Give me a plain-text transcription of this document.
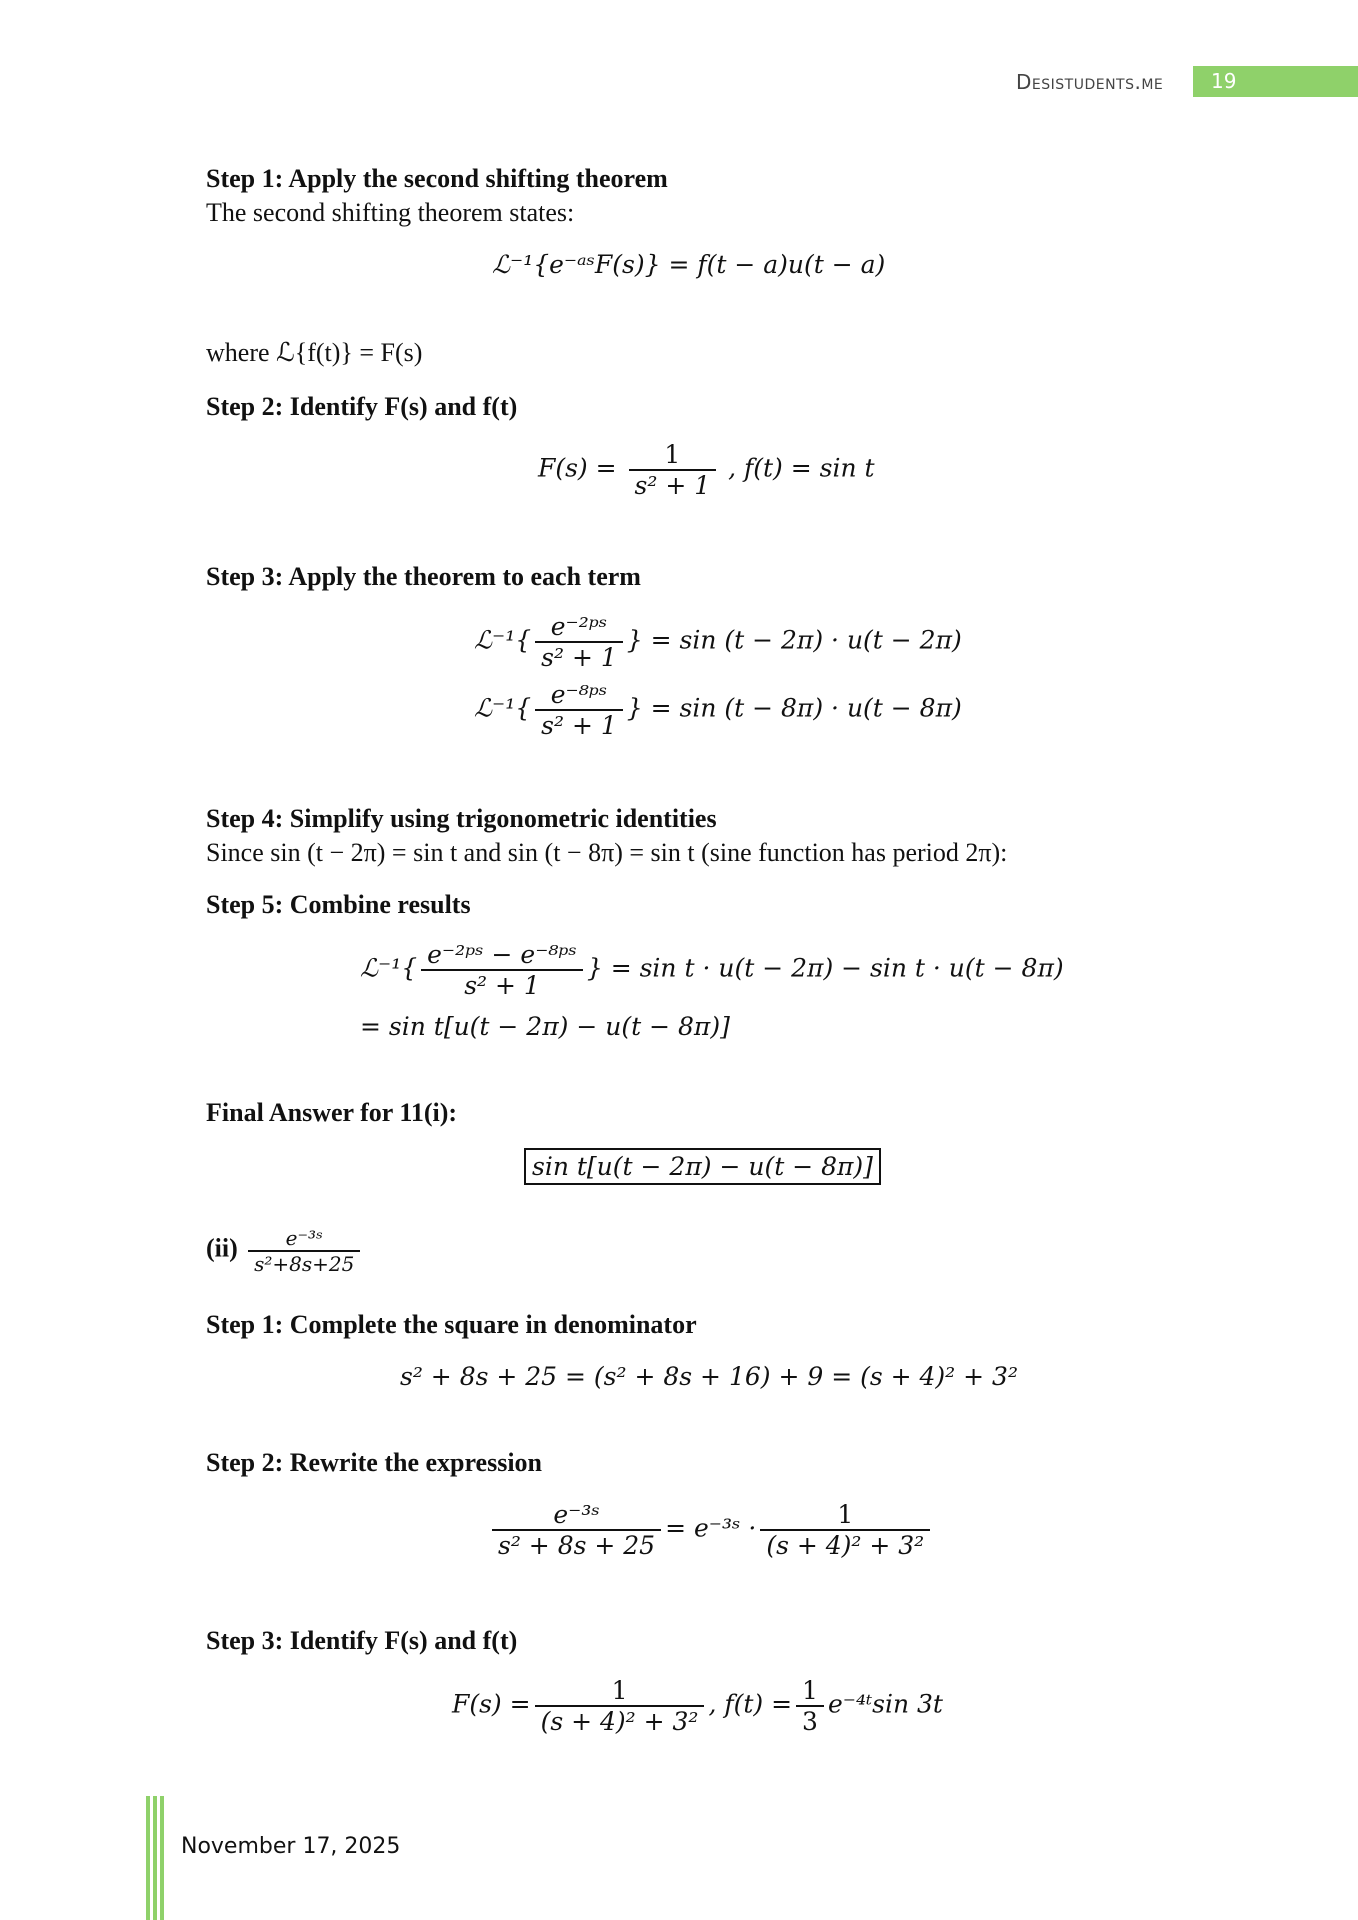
Desistudents.me 19
Step 1: Apply the second shifting theorem
The second shifting theorem states:
ℒ⁻¹{e⁻ᵃˢF(s)} = f(t − a)u(t − a)
where ℒ{f(t)} = F(s)
Step 2: Identify F(s) and f(t)
$F(s) = \frac{1}{\text{s² + 1}}$ , f(t) = sin t
Step 3: Apply the theorem to each term
ℒ⁻¹{ $\frac{\text{e⁻²ᵖˢ}}{\text{s² + 1}}$ } = sin (t − 2π) · u(t − 2π)
ℒ⁻¹{ $\frac{\text{e⁻⁸ᵖˢ}}{\text{s² + 1}}$ } = sin (t − 8π) · u(t − 8π)
Step 4: Simplify using trigonometric identities
Since sin (t − 2π) = sin t and sin (t − 8π) = sin t (sine function has period 2π):
Step 5: Combine results
ℒ⁻¹{ $\frac{\text{e⁻²ᵖˢ − e⁻⁸ᵖˢ}}{\text{s² + 1}}$ } = sin t · u(t − 2π) − sin t · u(t − 8π)
= sin t[u(t − 2π) − u(t − 8π)]
Final Answer for 11(i):
sin t[u(t − 2π) − u(t − 8π)]
$(ii) \frac{\text{e⁻³ˢ}}{\text{s²+8s+25}}$
Step 1: Complete the square in denominator
s² + 8s + 25 = (s² + 8s + 16) + 9 = (s + 4)² + 3²
Step 2: Rewrite the expression
$\frac{\text{e⁻³ˢ}}{\text{s² + 8s + 25}}$ = e⁻³ˢ · $\frac{1}{\text{(s + 4)² + 3²}}$
Step 3: Identify F(s) and f(t)
$F(s) = \frac{1}{\text{(s + 4)² + 3²}}$ , $f(t) = \frac{1}{3}$ e⁻⁴ᵗsin 3t
November 17, 2025
